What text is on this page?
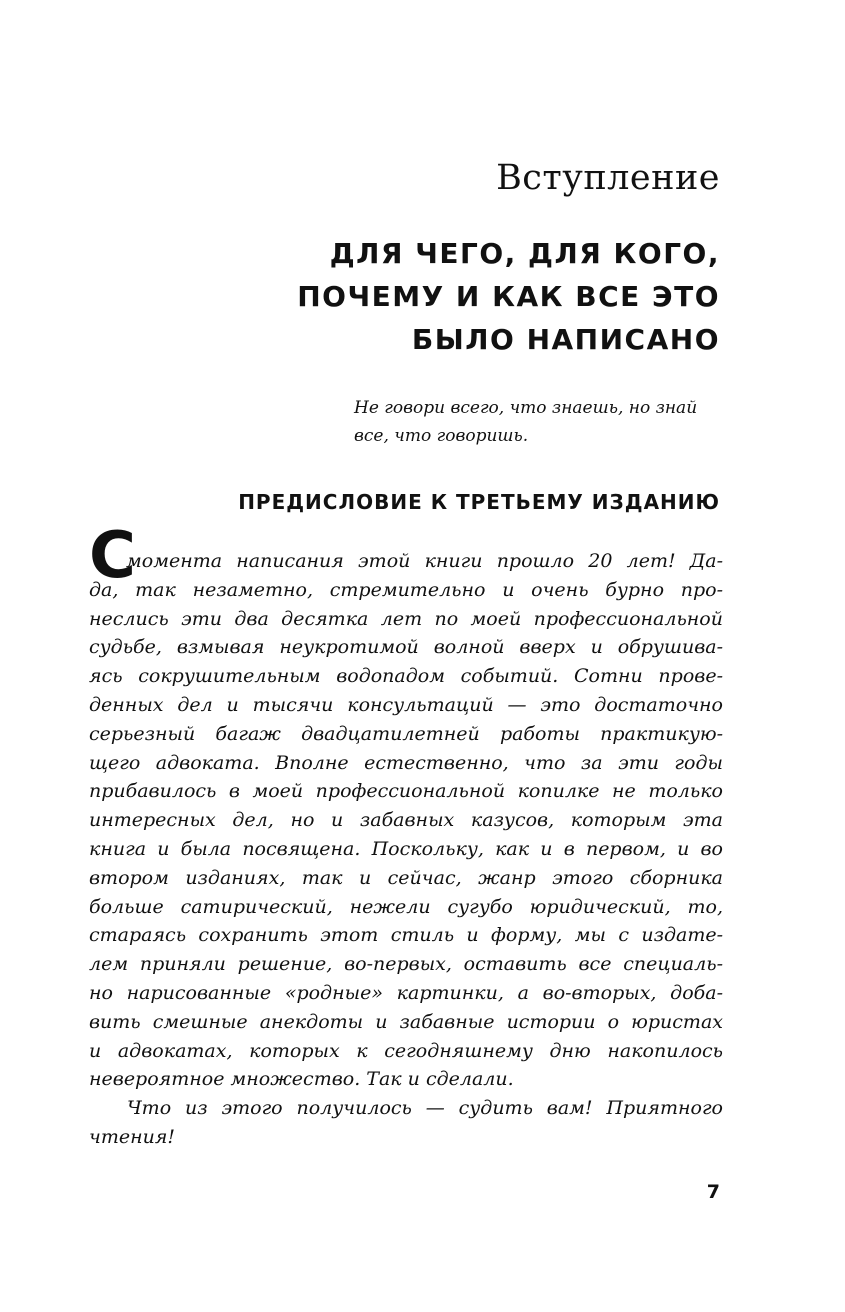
Вступление
ДЛЯ ЧЕГО, ДЛЯ КОГО,
ПОЧЕМУ И КАК ВСЕ ЭТО
БЫЛО НАПИСАНО

Не говори всего, что знаешь, но знай
все, что говоришь.

ПРЕДИСЛОВИЕ К ТРЕТЬЕМУ ИЗДАНИЮ
С
момента написания этой книги прошло 20 лет! Да-
да, так незаметно, стремительно и очень бурно про-
неслись эти два десятка лет по моей профессиональной
судьбе, взмывая неукротимой волной вверх и обрушива-
ясь сокрушительным водопадом событий. Сотни прове-
денных дел и тысячи консультаций — это достаточно
серьезный багаж двадцатилетней работы практикую-
щего адвоката. Вполне естественно, что за эти годы
прибавилось в моей профессиональной копилке не только
интересных дел, но и забавных казусов, которым эта
книга и была посвящена. Поскольку, как и в первом, и во
втором изданиях, так и сейчас, жанр этого сборника
больше сатирический, нежели сугубо юридический, то,
стараясь сохранить этот стиль и форму, мы с издате-
лем приняли решение, во-первых, оставить все специаль-
но нарисованные «родные» картинки, а во-вторых, доба-
вить смешные анекдоты и забавные истории о юристах
и адвокатах, которых к сегодняшнему дню накопилось
невероятное множество. Так и сделали.
Что из этого получилось — судить вам! Приятного
чтения!
7
